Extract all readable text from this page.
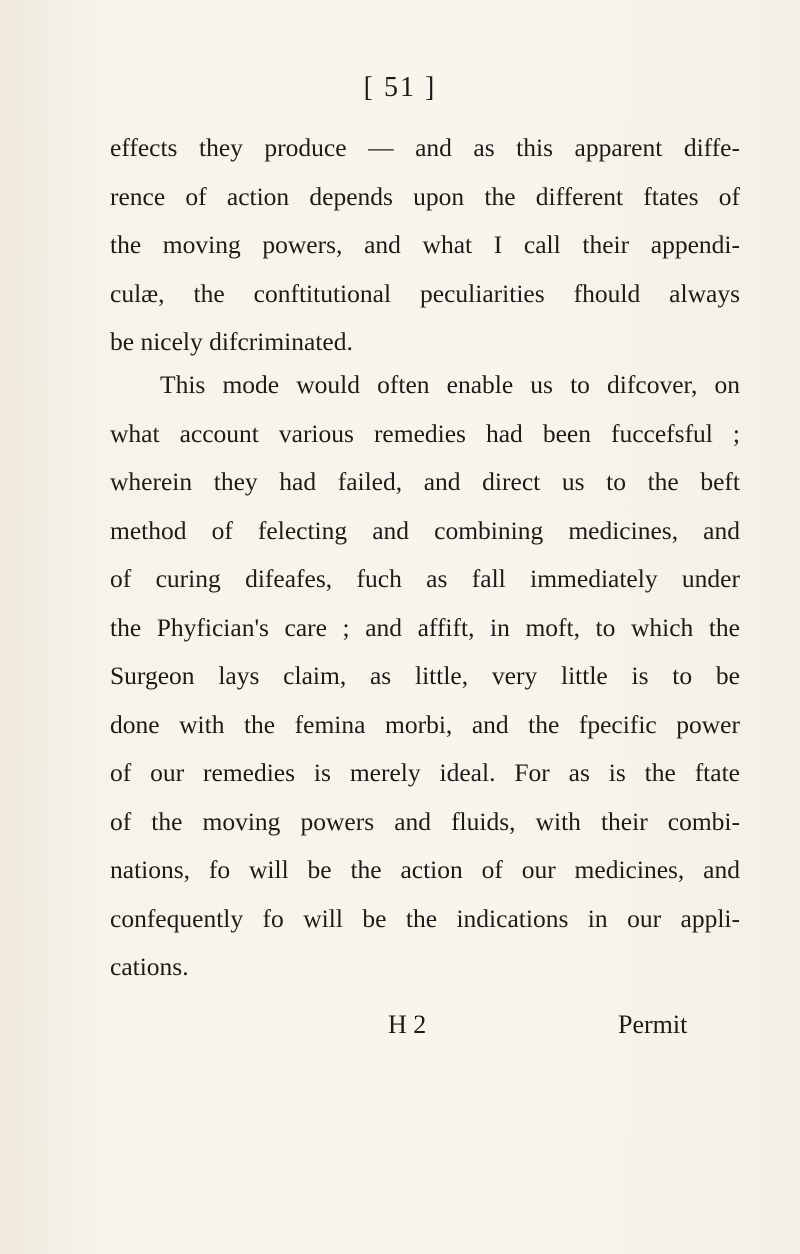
[ 51 ]
effects they produce — and as this apparent diffe-
rence of action depends upon the different ftates of
the moving powers, and what I call their appendi-
culæ, the conftitutional peculiarities fhould always
be nicely difcriminated.
This mode would often enable us to difcover, on
what account various remedies had been fuccefsful ;
wherein they had failed, and direct us to the beft
method of felecting and combining medicines, and
of curing difeafes, fuch as fall immediately under
the Phyfician's care ; and affift, in moft, to which the
Surgeon lays claim, as little, very little is to be
done with the femina morbi, and the fpecific power
of our remedies is merely ideal. For as is the ftate
of the moving powers and fluids, with their combi-
nations, fo will be the action of our medicines, and
confequently fo will be the indications in our appli-
cations.
H 2	Permit
